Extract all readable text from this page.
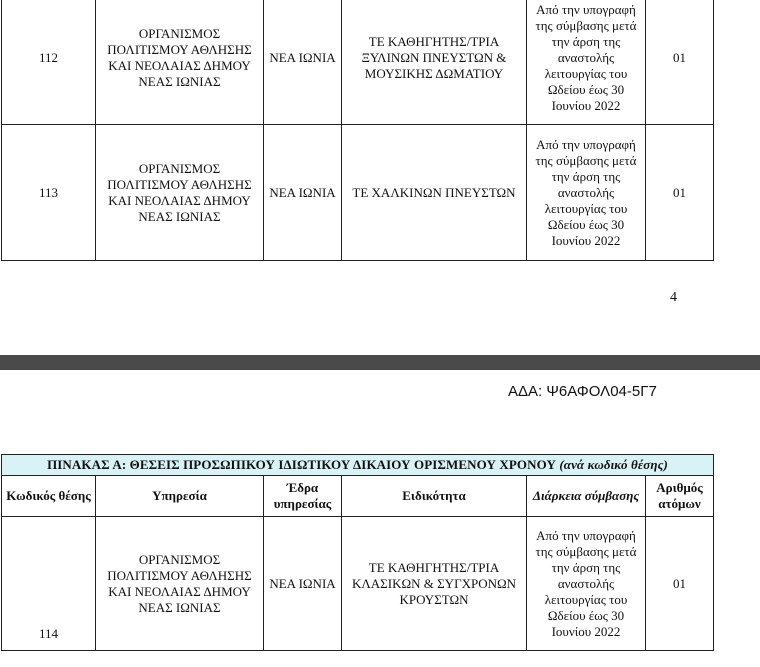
112	ΟΡΓΑΝΙΣΜΟΣ ΠΟΛΙΤΙΣΜΟΥ ΑΘΛΗΣΗΣ ΚΑΙ ΝΕΟΛΑΙΑΣ ΔΗΜΟΥ ΝΕΑΣ ΙΩΝΙΑΣ	ΝΕΑ ΙΩΝΙΑ	ΤΕ ΚΑΘΗΓΗΤΗΣ/ΤΡΙΑ ΞΥΛΙΝΩΝ ΠΝΕΥΣΤΩΝ & ΜΟΥΣΙΚΗΣ ΔΩΜΑΤΙΟΥ	Από την υπογραφή της σύμβασης μετά την άρση της αναστολής λειτουργίας του Ωδείου έως 30 Ιουνίου 2022	01
113	ΟΡΓΑΝΙΣΜΟΣ ΠΟΛΙΤΙΣΜΟΥ ΑΘΛΗΣΗΣ ΚΑΙ ΝΕΟΛΑΙΑΣ ΔΗΜΟΥ ΝΕΑΣ ΙΩΝΙΑΣ	ΝΕΑ ΙΩΝΙΑ	ΤΕ ΧΑΛΚΙΝΩΝ ΠΝΕΥΣΤΩΝ	Από την υπογραφή της σύμβασης μετά την άρση της αναστολής λειτουργίας του Ωδείου έως 30 Ιουνίου 2022	01
4
ΑΔΑ: Ψ6ΑΦΟΛ04-5Γ7
ΠΙΝΑΚΑΣ Α: ΘΕΣΕΙΣ ΠΡΟΣΩΠΙΚΟΥ ΙΔΙΩΤΙΚΟΥ ΔΙΚΑΙΟΥ ΟΡΙΣΜΕΝΟΥ ΧΡΟΝΟΥ (ανά κωδικό θέσης)					
Κωδικός θέσης	Υπηρεσία	Έδρα υπηρεσίας	Ειδικότητα	Διάρκεια σύμβασης	Αριθμός ατόμων
114	ΟΡΓΑΝΙΣΜΟΣ ΠΟΛΙΤΙΣΜΟΥ ΑΘΛΗΣΗΣ ΚΑΙ ΝΕΟΛΑΙΑΣ ΔΗΜΟΥ ΝΕΑΣ ΙΩΝΙΑΣ	ΝΕΑ ΙΩΝΙΑ	ΤΕ ΚΑΘΗΓΗΤΗΣ/ΤΡΙΑ ΚΛΑΣΙΚΩΝ & ΣΥΓΧΡΟΝΩΝ ΚΡΟΥΣΤΩΝ	Από την υπογραφή της σύμβασης μετά την άρση της αναστολής λειτουργίας του Ωδείου έως 30 Ιουνίου 2022	01
